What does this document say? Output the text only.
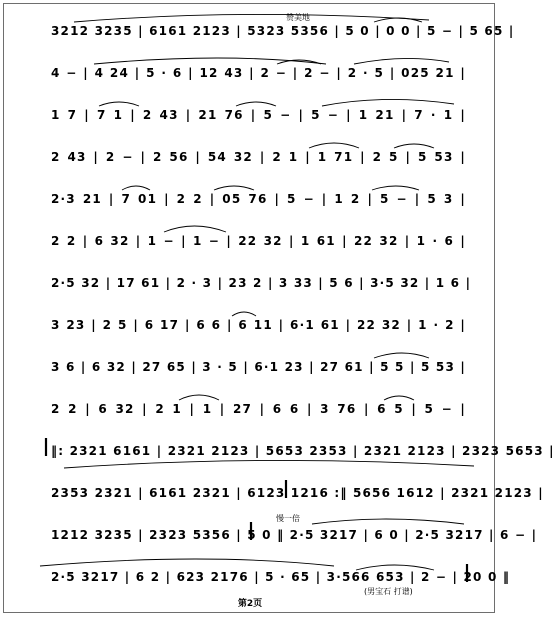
3212 3235 | 6161 2123 | 5323 5356 | 5 0 | 0 0 | 5 − | 5 65 |

4 − | 4 24 | 5 · 6 | 12 43 | 2 − | 2 − | 2 · 5 | 025 21 |

1 7 | 7 1 | 2 43 | 21 76 | 5 − | 5 − | 1 21 | 7 · 1 |

2 43 | 2 − | 2 56 | 54 32 | 2 1 | 1 71 | 2 5 | 5 53 |

2·3 21 | 7 01 | 2 2 | 05 76 | 5 − | 1 2 | 5 − | 5 3 |

2 2 | 6 32 | 1 − | 1 − | 22 32 | 1 61 | 22 32 | 1 · 6 |

2·5 32 | 17 61 | 2 · 3 | 23 2 | 3 33 | 5 6 | 3·5 32 | 1 6 |

3 23 | 2 5 | 6 17 | 6 6 | 6 11 | 6·1 61 | 22 32 | 1 · 2 |

3 6 | 6 32 | 27 65 | 3 · 5 | 6·1 23 | 27 61 | 5 5 | 5 53 |

2 2 | 6 32 | 2 1 | 1 | 27 | 6 6 | 3 76 | 6 5 | 5 − |

‖: 2321 6161 | 2321 2123 | 5653 2353 | 2321 2123 | 2323 5653 |

2353 2321 | 6161 2321 | 6123 1216 :‖ 5656 1612 | 2321 2123 |

1212 3235 | 2323 5356 | 5 0 ‖ 2·5 3217 | 6 0 | 2·5 3217 | 6 − |

2·5 3217 | 6 2 | 623 2176 | 5 · 65 | 3·566 653 | 2 − | 20 0 ‖

赞美地
慢一倍
(男宝石 打谱)
第2页
